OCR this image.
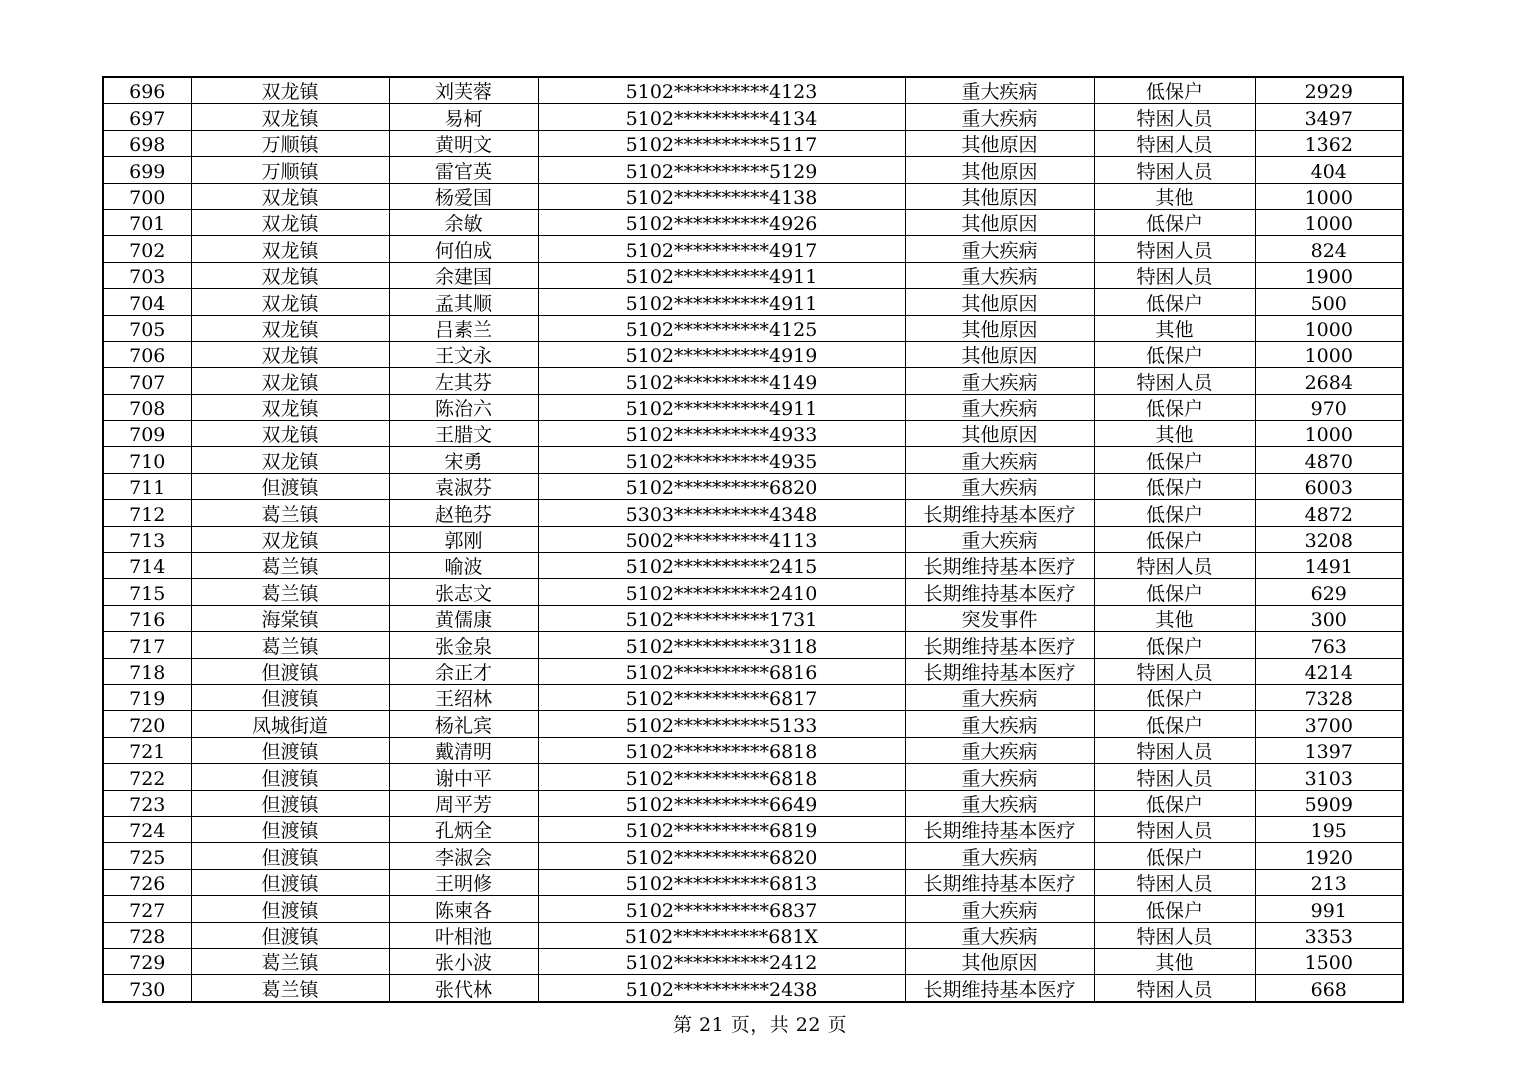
696	双龙镇	刘芙蓉	5102**********4123	重大疾病	低保户	2929
697	双龙镇	易柯	5102**********4134	重大疾病	特困人员	3497
698	万顺镇	黄明文	5102**********5117	其他原因	特困人员	1362
699	万顺镇	雷官英	5102**********5129	其他原因	特困人员	404
700	双龙镇	杨爱国	5102**********4138	其他原因	其他	1000
701	双龙镇	余敏	5102**********4926	其他原因	低保户	1000
702	双龙镇	何伯成	5102**********4917	重大疾病	特困人员	824
703	双龙镇	余建国	5102**********4911	重大疾病	特困人员	1900
704	双龙镇	孟其顺	5102**********4911	其他原因	低保户	500
705	双龙镇	吕素兰	5102**********4125	其他原因	其他	1000
706	双龙镇	王文永	5102**********4919	其他原因	低保户	1000
707	双龙镇	左其芬	5102**********4149	重大疾病	特困人员	2684
708	双龙镇	陈治六	5102**********4911	重大疾病	低保户	970
709	双龙镇	王腊文	5102**********4933	其他原因	其他	1000
710	双龙镇	宋勇	5102**********4935	重大疾病	低保户	4870
711	但渡镇	袁淑芬	5102**********6820	重大疾病	低保户	6003
712	葛兰镇	赵艳芬	5303**********4348	长期维持基本医疗	低保户	4872
713	双龙镇	郭刚	5002**********4113	重大疾病	低保户	3208
714	葛兰镇	喻波	5102**********2415	长期维持基本医疗	特困人员	1491
715	葛兰镇	张志文	5102**********2410	长期维持基本医疗	低保户	629
716	海棠镇	黄儒康	5102**********1731	突发事件	其他	300
717	葛兰镇	张金泉	5102**********3118	长期维持基本医疗	低保户	763
718	但渡镇	余正才	5102**********6816	长期维持基本医疗	特困人员	4214
719	但渡镇	王绍林	5102**********6817	重大疾病	低保户	7328
720	凤城街道	杨礼宾	5102**********5133	重大疾病	低保户	3700
721	但渡镇	戴清明	5102**********6818	重大疾病	特困人员	1397
722	但渡镇	谢中平	5102**********6818	重大疾病	特困人员	3103
723	但渡镇	周平芳	5102**********6649	重大疾病	低保户	5909
724	但渡镇	孔炳全	5102**********6819	长期维持基本医疗	特困人员	195
725	但渡镇	李淑会	5102**********6820	重大疾病	低保户	1920
726	但渡镇	王明修	5102**********6813	长期维持基本医疗	特困人员	213
727	但渡镇	陈柬各	5102**********6837	重大疾病	低保户	991
728	但渡镇	叶相池	5102**********681X	重大疾病	特困人员	3353
729	葛兰镇	张小波	5102**********2412	其他原因	其他	1500
730	葛兰镇	张代林	5102**********2438	长期维持基本医疗	特困人员	668
第 21 页，共 22 页
